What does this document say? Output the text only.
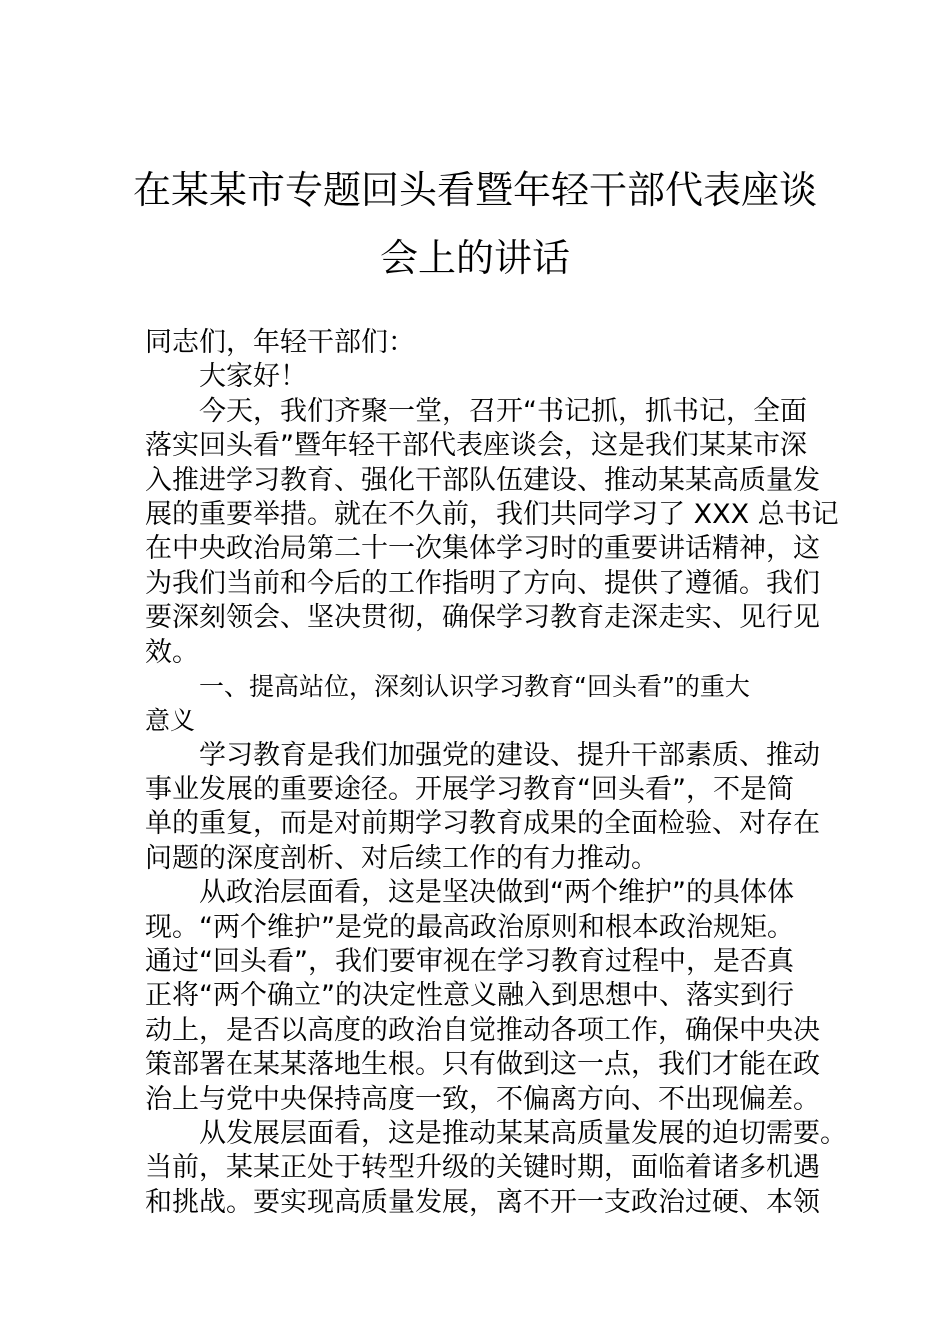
在某某市专题回头看暨年轻干部代表座谈
会上的讲话
同志们，年轻干部们：
大家好！
今天，我们齐聚一堂，召开“书记抓，抓书记，全面
落实回头看”暨年轻干部代表座谈会，这是我们某某市深
入推进学习教育、强化干部队伍建设、推动某某高质量发
展的重要举措。就在不久前，我们共同学习了 XXX 总书记
在中央政治局第二十一次集体学习时的重要讲话精神，这
为我们当前和今后的工作指明了方向、提供了遵循。我们
要深刻领会、坚决贯彻，确保学习教育走深走实、见行见
效。
一、提高站位，深刻认识学习教育“回头看”的重大
意义
学习教育是我们加强党的建设、提升干部素质、推动
事业发展的重要途径。开展学习教育“回头看”，不是简
单的重复，而是对前期学习教育成果的全面检验、对存在
问题的深度剖析、对后续工作的有力推动。
从政治层面看，这是坚决做到“两个维护”的具体体
现。“两个维护”是党的最高政治原则和根本政治规矩。
通过“回头看”，我们要审视在学习教育过程中，是否真
正将“两个确立”的决定性意义融入到思想中、落实到行
动上，是否以高度的政治自觉推动各项工作，确保中央决
策部署在某某落地生根。只有做到这一点，我们才能在政
治上与党中央保持高度一致，不偏离方向、不出现偏差。
从发展层面看，这是推动某某高质量发展的迫切需要。
当前，某某正处于转型升级的关键时期，面临着诸多机遇
和挑战。要实现高质量发展，离不开一支政治过硬、本领
